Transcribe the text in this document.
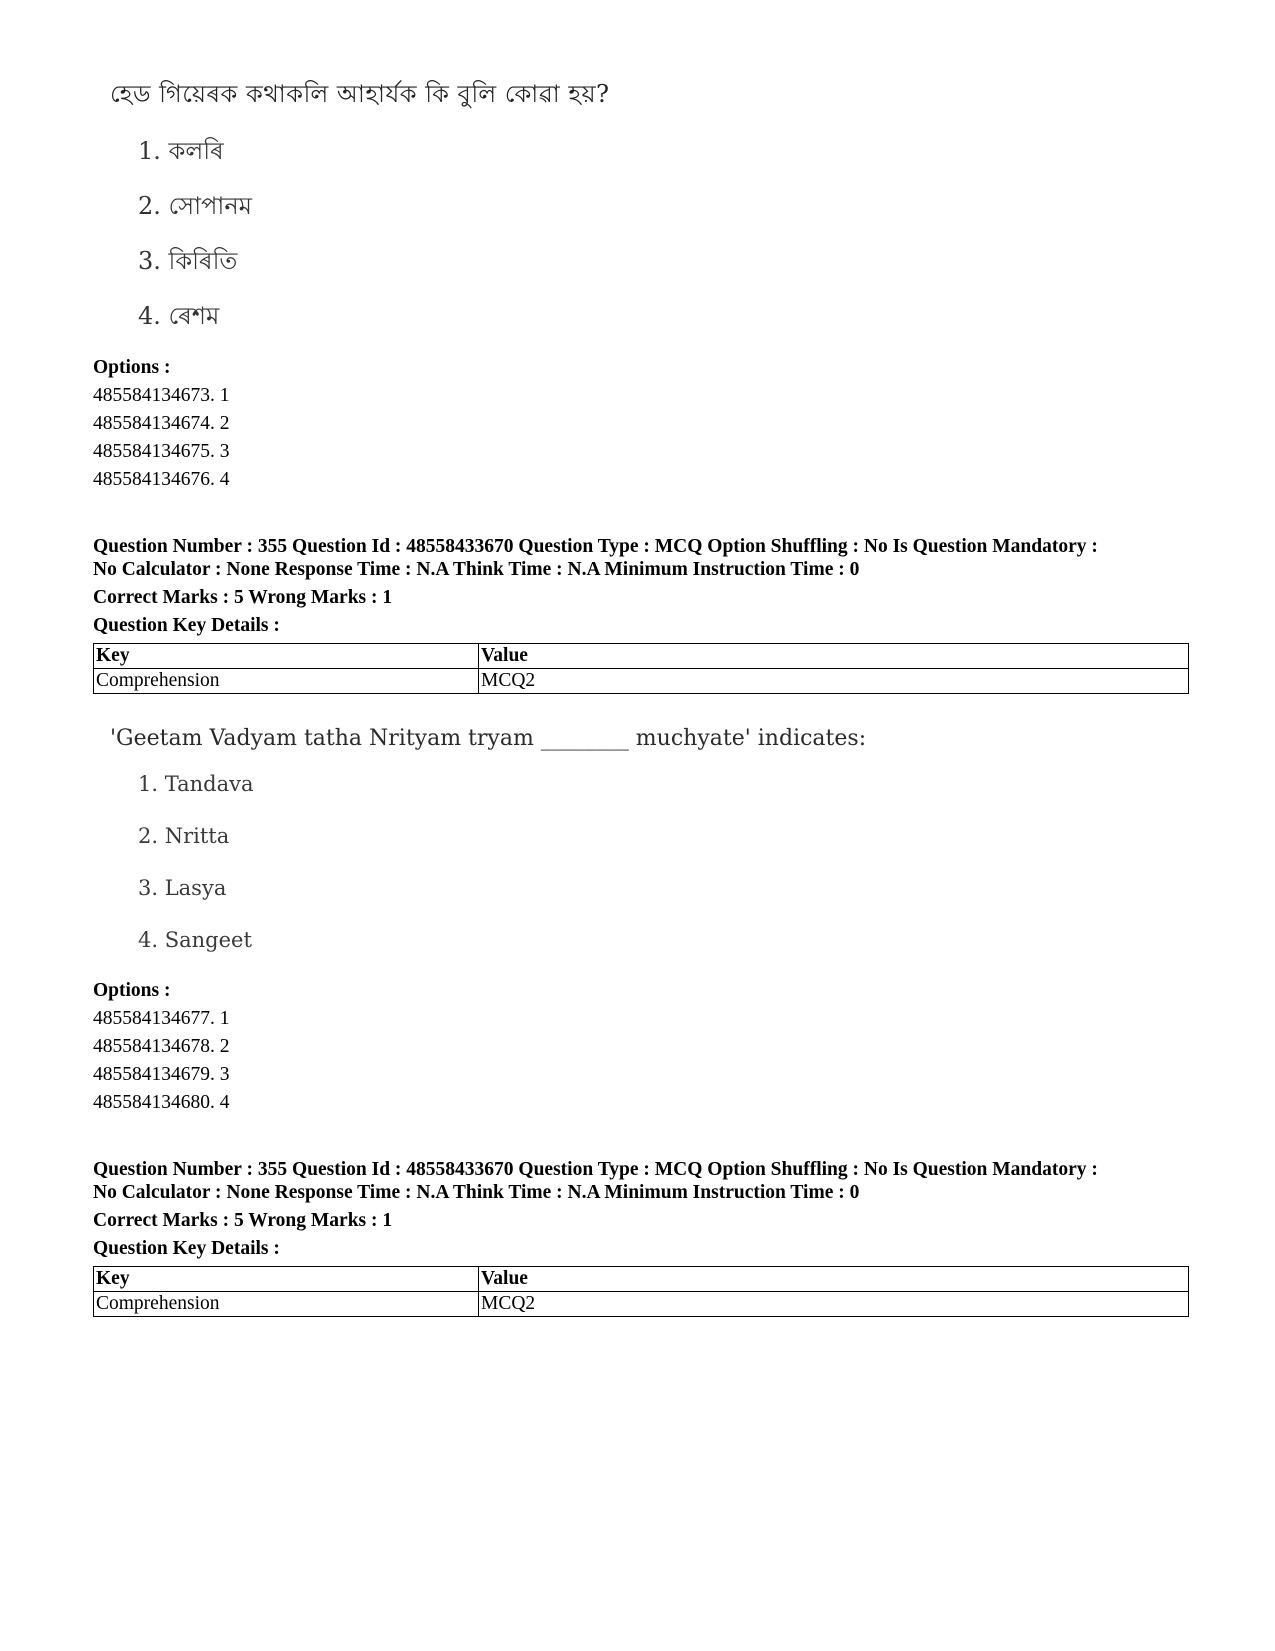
হেড গিয়েৰক কথাকলি আহাৰ্যক কি বুলি কোৱা হয়?
1. কলৰি
2. সোপানম
3. কিৰিতি
4. ৰেশম
Options :
485584134673. 1
485584134674. 2
485584134675. 3
485584134676. 4
Question Number : 355 Question Id : 48558433670 Question Type : MCQ Option Shuffling : No Is Question Mandatory :
No Calculator : None Response Time : N.A Think Time : N.A Minimum Instruction Time : 0
Correct Marks : 5 Wrong Marks : 1
Question Key Details :
Key	Value
Comprehension	MCQ2
'Geetam Vadyam tatha Nrityam tryam ________ muchyate' indicates:
1. Tandava
2. Nritta
3. Lasya
4. Sangeet
Options :
485584134677. 1
485584134678. 2
485584134679. 3
485584134680. 4
Question Number : 355 Question Id : 48558433670 Question Type : MCQ Option Shuffling : No Is Question Mandatory :
No Calculator : None Response Time : N.A Think Time : N.A Minimum Instruction Time : 0
Correct Marks : 5 Wrong Marks : 1
Question Key Details :
Key	Value
Comprehension	MCQ2
